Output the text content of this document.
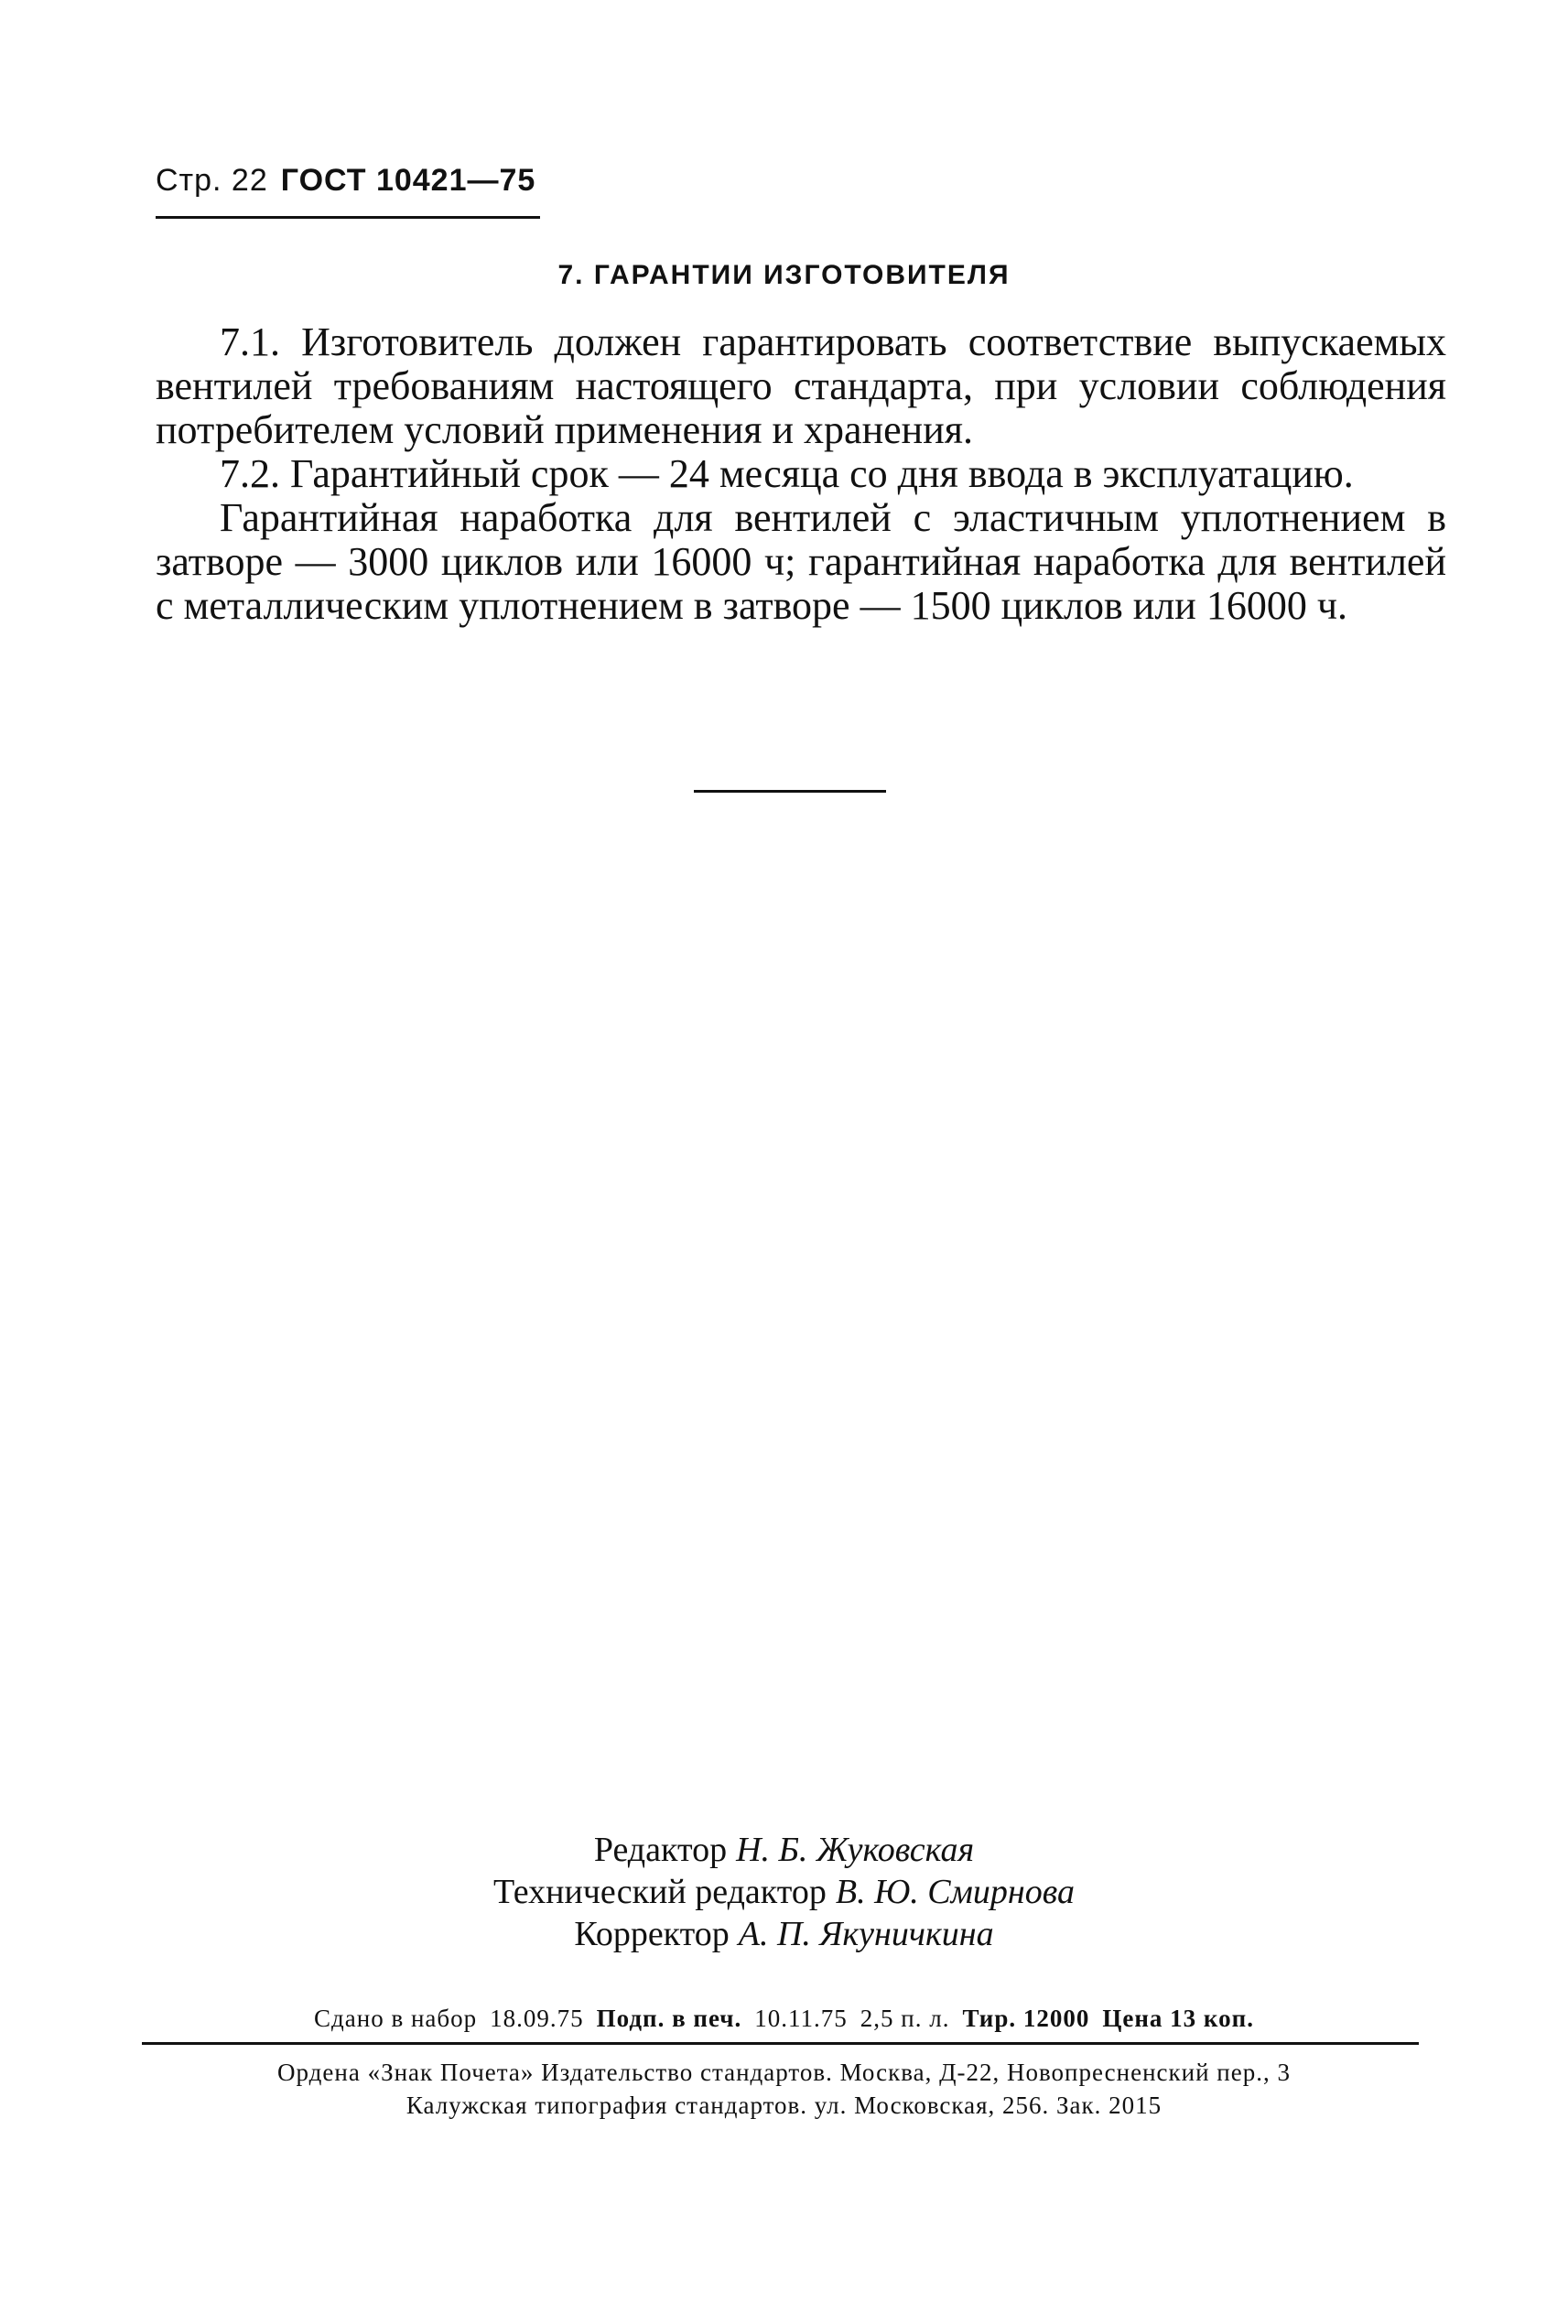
Стр. 22 ГОСТ 10421—75
7. ГАРАНТИИ ИЗГОТОВИТЕЛЯ

7.1. Изготовитель должен гарантировать соответствие выпускаемых вентилей требованиям настоящего стандарта, при условии соблюдения потребителем условий применения и хранения.

7.2. Гарантийный срок — 24 месяца со дня ввода в эксплуатацию.

Гарантийная наработка для вентилей с эластичным уплотнением в затворе — 3000 циклов или 16000 ч; гарантийная наработка для вентилей с металлическим уплотнением в затворе — 1500 циклов или 16000 ч.

Редактор Н. Б. Жуковская
Технический редактор В. Ю. Смирнова
Корректор А. П. Якуничкина
Сдано в набор 18.09.75 Подп. в печ. 10.11.75 2,5 п. л. Тир. 12000 Цена 13 коп.
Ордена «Знак Почета» Издательство стандартов. Москва, Д-22, Новопресненский пер., 3
Калужская типография стандартов. ул. Московская, 256. Зак. 2015
